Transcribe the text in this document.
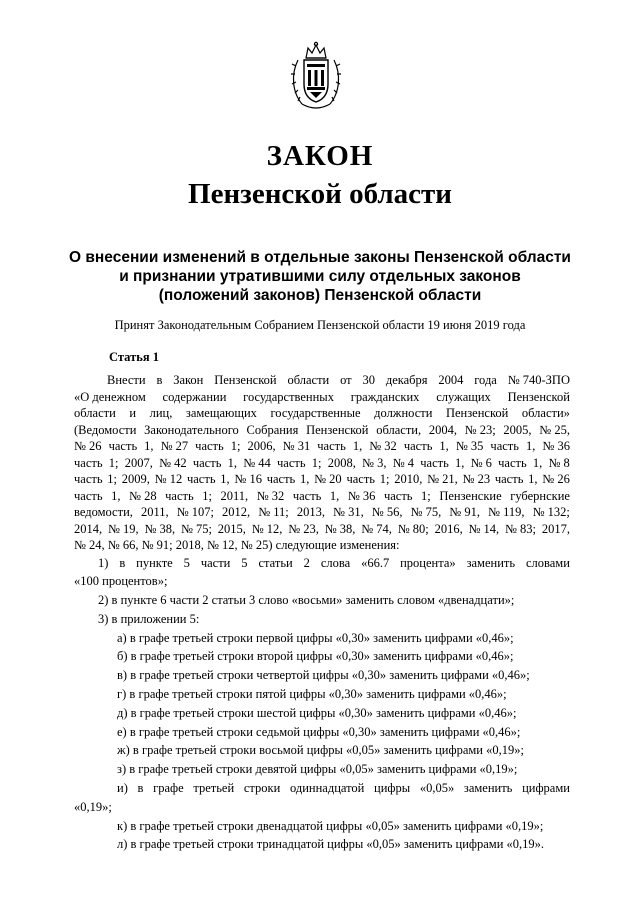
ЗАКОН
Пензенской области
О внесении изменений в отдельные законы Пензенской области
и признании утратившими силу отдельных законов
(положений законов) Пензенской области
Принят Законодательным Собранием Пензенской области 19 июня 2019 года
Статья 1
Внести в Закон Пензенской области от 30 декабря 2004 года № 740-ЗПО
«О денежном содержании государственных гражданских служащих Пензенской
области и лиц, замещающих государственные должности Пензенской области»
(Ведомости Законодательного Собрания Пензенской области, 2004, № 23; 2005, № 25,
№ 26 часть 1, № 27 часть 1; 2006, № 31 часть 1, № 32 часть 1, № 35 часть 1, № 36
часть 1; 2007, № 42 часть 1, № 44 часть 1; 2008, № 3, № 4 часть 1, № 6 часть 1, № 8
часть 1; 2009, № 12 часть 1, № 16 часть 1, № 20 часть 1; 2010, № 21, № 23 часть 1, № 26
часть 1, № 28 часть 1; 2011, № 32 часть 1, № 36 часть 1; Пензенские губернские
ведомости, 2011, № 107; 2012, № 11; 2013, № 31, № 56, № 75, № 91, № 119, № 132;
2014, № 19, № 38, № 75; 2015, № 12, № 23, № 38, № 74, № 80; 2016, № 14, № 83; 2017,
№ 24, № 66, № 91; 2018, № 12, № 25) следующие изменения:
1) в пункте 5 части 5 статьи 2 слова «66.7 процента» заменить словами
«100 процентов»;
2) в пункте 6 части 2 статьи 3 слово «восьми» заменить словом «двенадцати»;
3) в приложении 5:
а) в графе третьей строки первой цифры «0,30» заменить цифрами «0,46»;
б) в графе третьей строки второй цифры «0,30» заменить цифрами «0,46»;
в) в графе третьей строки четвертой цифры «0,30» заменить цифрами «0,46»;
г) в графе третьей строки пятой цифры «0,30» заменить цифрами «0,46»;
д) в графе третьей строки шестой цифры «0,30» заменить цифрами «0,46»;
е) в графе третьей строки седьмой цифры «0,30» заменить цифрами «0,46»;
ж) в графе третьей строки восьмой цифры «0,05» заменить цифрами «0,19»;
з) в графе третьей строки девятой цифры «0,05» заменить цифрами «0,19»;
и) в графе третьей строки одиннадцатой цифры «0,05» заменить цифрами
«0,19»;
к) в графе третьей строки двенадцатой цифры «0,05» заменить цифрами «0,19»;
л) в графе третьей строки тринадцатой цифры «0,05» заменить цифрами «0,19».
